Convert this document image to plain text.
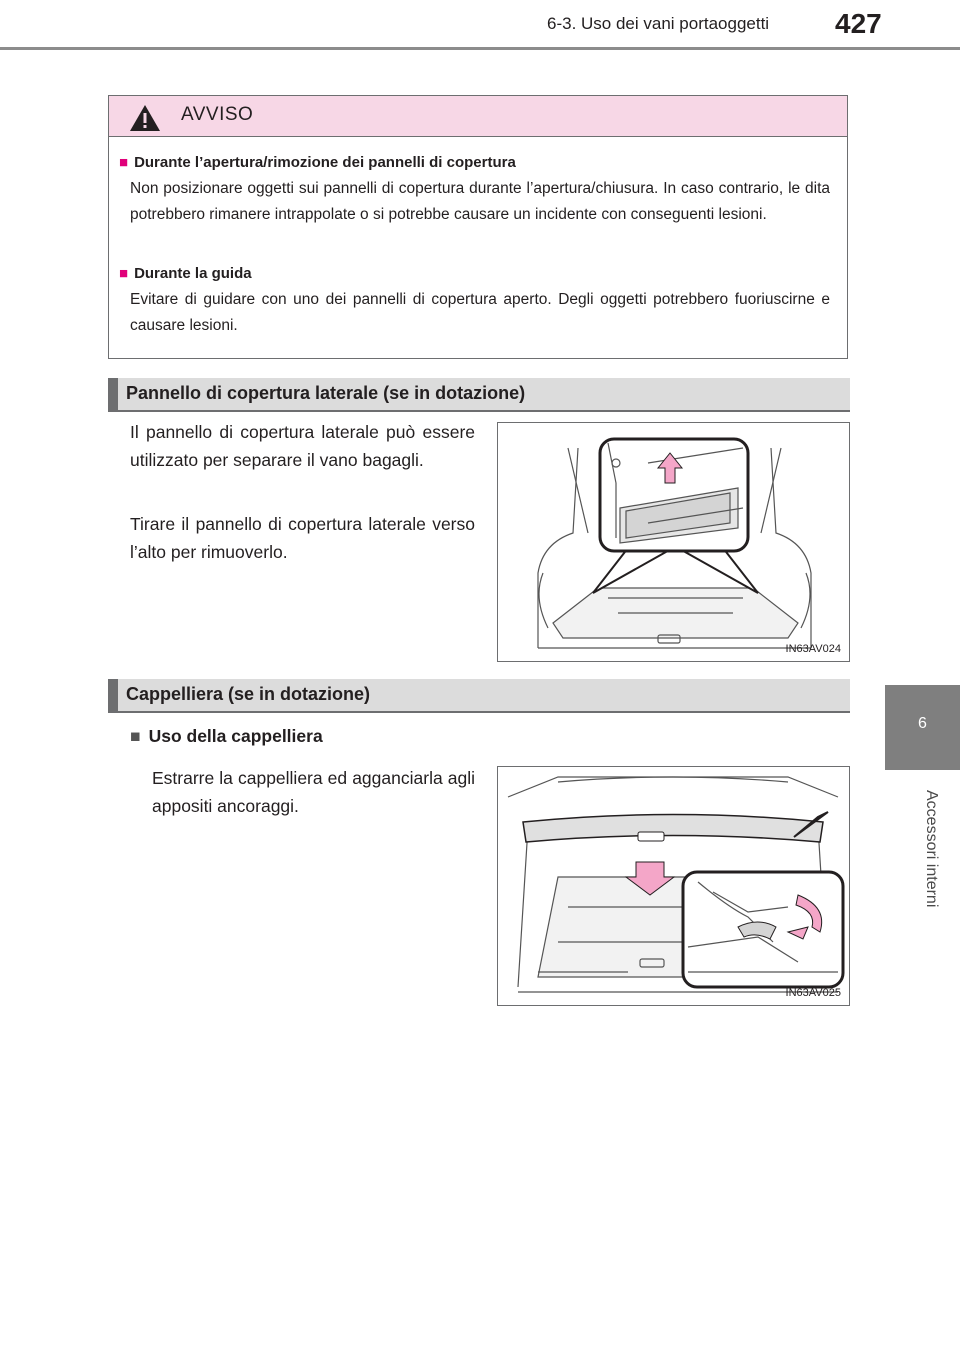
6-3. Uso dei vani portaoggetti 427
6
Accessori interni
AVVISO
■ Durante l’apertura/rimozione dei pannelli di copertura
Non posizionare oggetti sui pannelli di copertura durante l’apertura/chiusura. In caso contrario, le dita potrebbero rimanere intrappolate o si potrebbe causare un incidente con conseguenti lesioni.
■ Durante la guida
Evitare di guidare con uno dei pannelli di copertura aperto. Degli oggetti potrebbero fuoriuscirne e causare lesioni.
Pannello di copertura laterale (se in dotazione)
Il pannello di copertura laterale può essere utilizzato per separare il vano bagagli.
Tirare il pannello di copertura laterale verso l’alto per rimuoverlo.
IN63AV024
Cappelliera (se in dotazione)
■ Uso della cappelliera
Estrarre la cappelliera ed agganciarla agli appositi ancoraggi.
IN63AV025
